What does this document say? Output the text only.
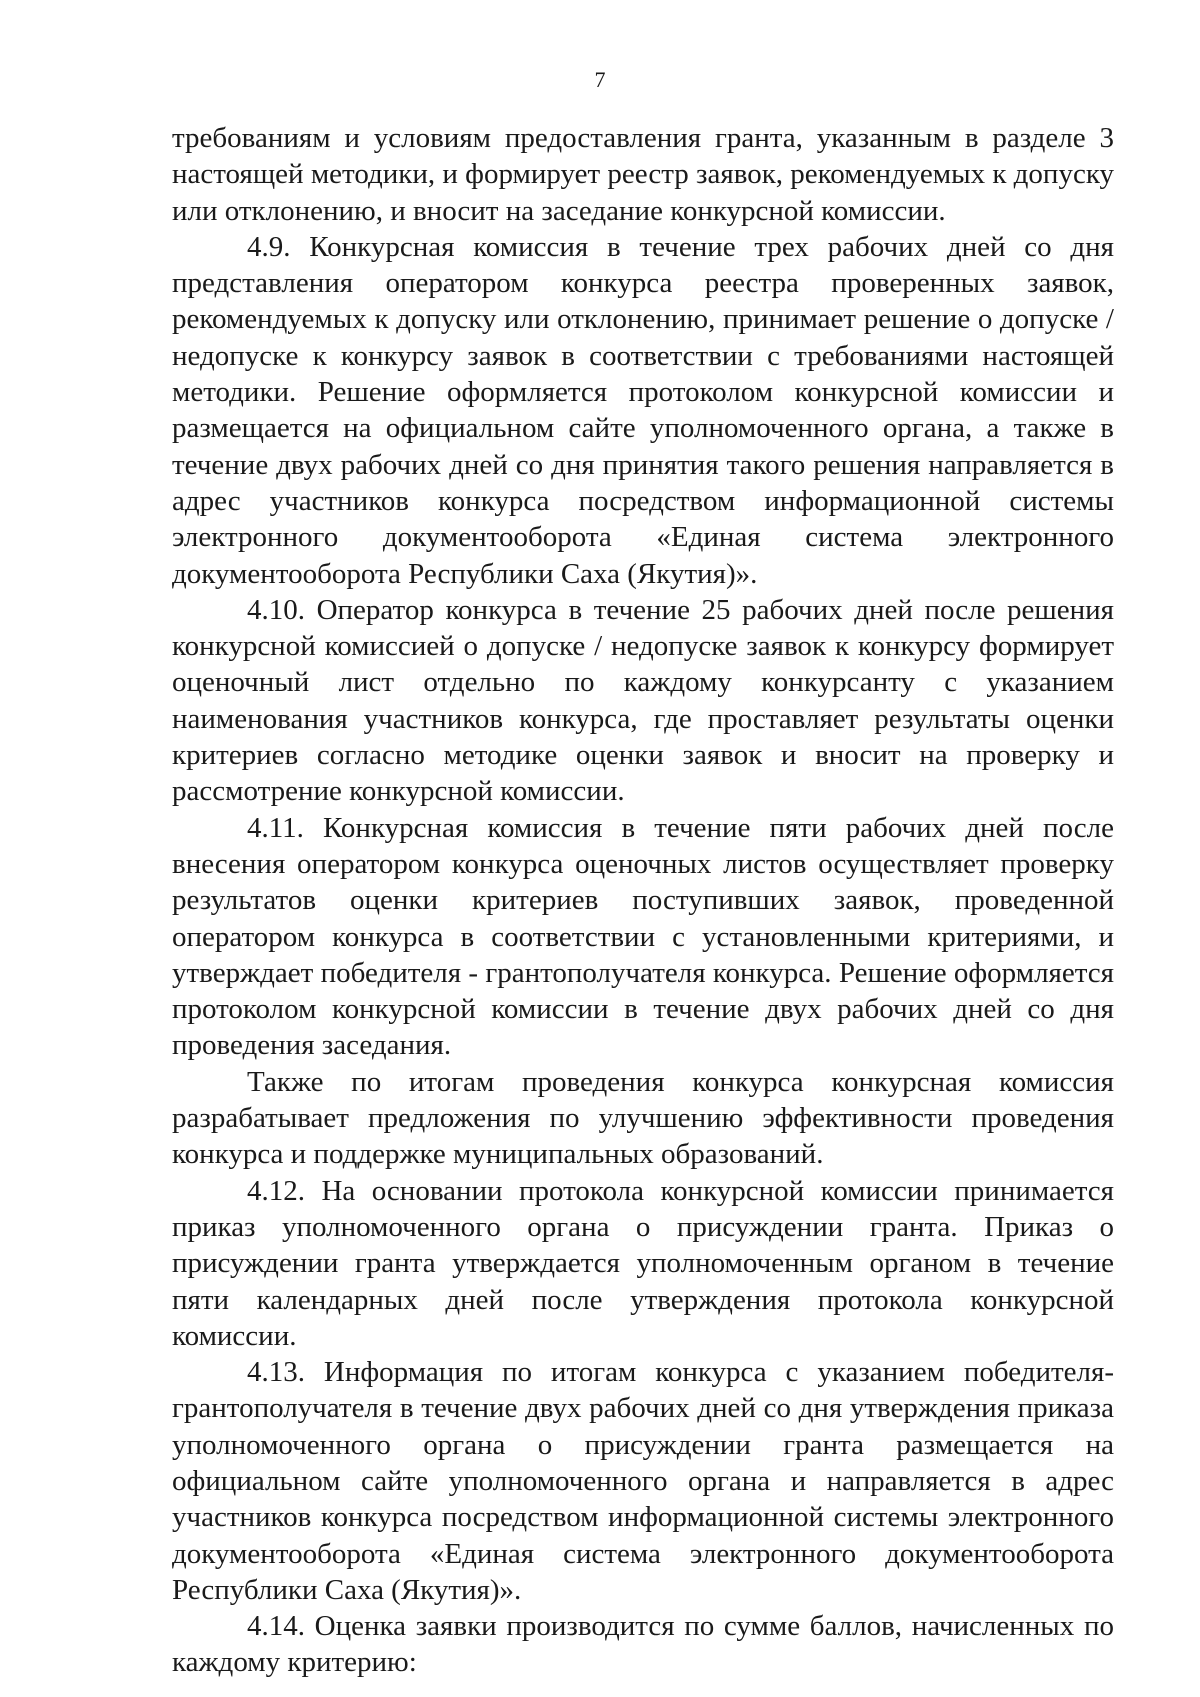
7

требованиям и условиям предоставления гранта, указанным в разделе 3 настоящей методики, и формирует реестр заявок, рекомендуемых к допуску или отклонению, и вносит на заседание конкурсной комиссии.

4.9. Конкурсная комиссия в течение трех рабочих дней со дня представления оператором конкурса реестра проверенных заявок, рекомендуемых к допуску или отклонению, принимает решение о допуске / недопуске к конкурсу заявок в соответствии с требованиями настоящей методики. Решение оформляется протоколом конкурсной комиссии и размещается на официальном сайте уполномоченного органа, а также в течение двух рабочих дней со дня принятия такого решения направляется в адрес участников конкурса посредством информационной системы электронного документооборота «Единая система электронного документооборота Республики Саха (Якутия)».

4.10. Оператор конкурса в течение 25 рабочих дней после решения конкурсной комиссией о допуске / недопуске заявок к конкурсу формирует оценочный лист отдельно по каждому конкурсанту с указанием наименования участников конкурса, где проставляет результаты оценки критериев согласно методике оценки заявок и вносит на проверку и рассмотрение конкурсной комиссии.

4.11. Конкурсная комиссия в течение пяти рабочих дней после внесения оператором конкурса оценочных листов осуществляет проверку результатов оценки критериев поступивших заявок, проведенной оператором конкурса в соответствии с установленными критериями, и утверждает победителя - грантополучателя конкурса. Решение оформляется протоколом конкурсной комиссии в течение двух рабочих дней со дня проведения заседания.

Также по итогам проведения конкурса конкурсная комиссия разрабатывает предложения по улучшению эффективности проведения конкурса и поддержке муниципальных образований.

4.12. На основании протокола конкурсной комиссии принимается приказ уполномоченного органа о присуждении гранта. Приказ о присуждении гранта утверждается уполномоченным органом в течение пяти календарных дней после утверждения протокола конкурсной комиссии.

4.13. Информация по итогам конкурса с указанием победителя-грантополучателя в течение двух рабочих дней со дня утверждения приказа уполномоченного органа о присуждении гранта размещается на официальном сайте уполномоченного органа и направляется в адрес участников конкурса посредством информационной системы электронного документооборота «Единая система электронного документооборота Республики Саха (Якутия)».

4.14. Оценка заявки производится по сумме баллов, начисленных по каждому критерию:
